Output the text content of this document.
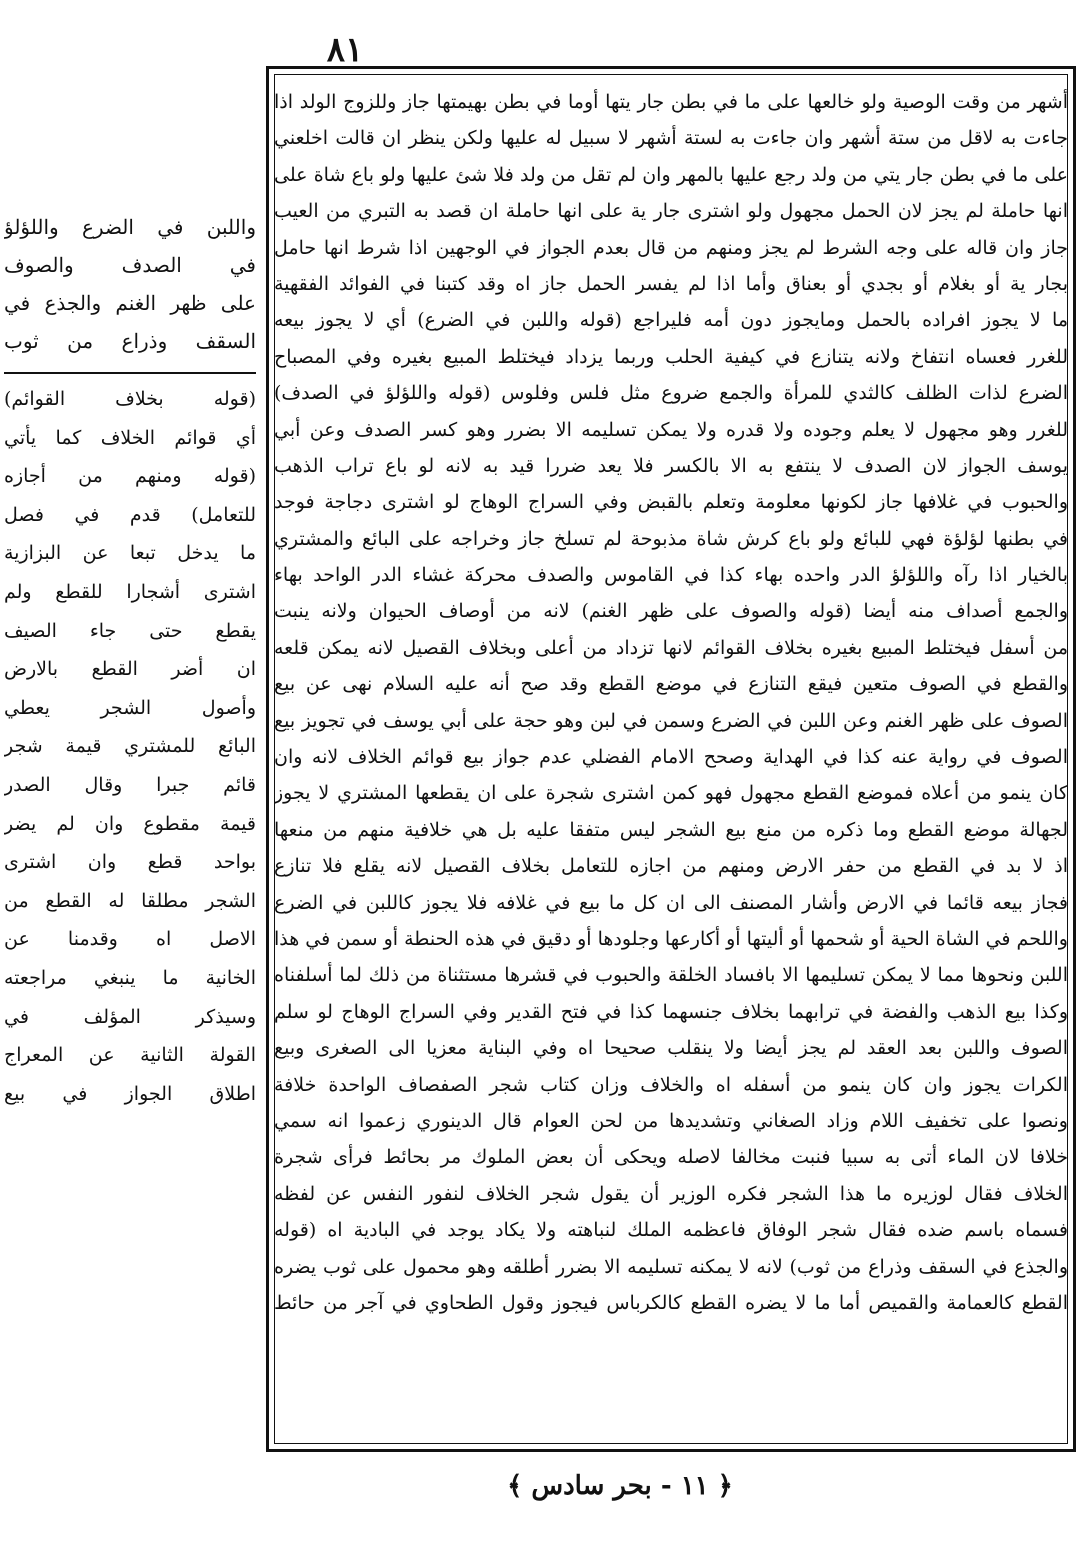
٨١
أشهر من وقت الوصية ولو خالعها على ما في بطن جار يتها أوما في بطن بهيمتها جاز وللزوج الولد اذا
جاءت به لاقل من ستة أشهر وان جاءت به لستة أشهر لا سبيل له عليها ولكن ينظر ان قالت اخلعني
على ما في بطن جار يتي من ولد رجع عليها بالمهر وان لم تقل من ولد فلا شئ عليها ولو باع شاة على
انها حاملة لم يجز لان الحمل مجهول ولو اشترى جار ية على انها حاملة ان قصد به التبري من العيب
جاز وان قاله على وجه الشرط لم يجز ومنهم من قال بعدم الجواز في الوجهين اذا شرط انها حامل
بجار ية أو بغلام أو بجدي أو بعناق وأما اذا لم يفسر الحمل جاز اه وقد كتبنا في الفوائد الفقهية
ما لا يجوز افراده بالحمل ومايجوز دون أمه فليراجع (قوله واللبن في الضرع) أي لا يجوز بيعه
للغرر فعساه انتفاخ ولانه يتنازع في كيفية الحلب وربما يزداد فيختلط المبيع بغيره وفي المصباح
الضرع لذات الظلف كالثدي للمرأة والجمع ضروع مثل فلس وفلوس (قوله واللؤلؤ في الصدف)
للغرر وهو مجهول لا يعلم وجوده ولا قدره ولا يمكن تسليمه الا بضرر وهو كسر الصدف وعن أبي
يوسف الجواز لان الصدف لا ينتفع به الا بالكسر فلا يعد ضررا قيد به لانه لو باع تراب الذهب
والحبوب في غلافها جاز لكونها معلومة وتعلم بالقبض وفي السراج الوهاج لو اشترى دجاجة فوجد
في بطنها لؤلؤة فهي للبائع ولو باع كرش شاة مذبوحة لم تسلخ جاز وخراجه على البائع والمشتري
بالخيار اذا رآه واللؤلؤ الدر واحده بهاء كذا في القاموس والصدف محركة غشاء الدر الواحد بهاء
والجمع أصداف منه أيضا (قوله والصوف على ظهر الغنم) لانه من أوصاف الحيوان ولانه ينبت
من أسفل فيختلط المبيع بغيره بخلاف القوائم لانها تزداد من أعلى وبخلاف القصيل لانه يمكن قلعه
والقطع في الصوف متعين فيقع التنازع في موضع القطع وقد صح أنه عليه السلام نهى عن بيع
الصوف على ظهر الغنم وعن اللبن في الضرع وسمن في لبن وهو حجة على أبي يوسف في تجويز بيع
الصوف في رواية عنه كذا في الهداية وصحح الامام الفضلي عدم جواز بيع قوائم الخلاف لانه وان
كان ينمو من أعلاه فموضع القطع مجهول فهو كمن اشترى شجرة على ان يقطعها المشتري لا يجوز
لجهالة موضع القطع وما ذكره من منع بيع الشجر ليس متفقا عليه بل هي خلافية منهم من منعها
اذ لا بد في القطع من حفر الارض ومنهم من اجازه للتعامل بخلاف القصيل لانه يقلع فلا تنازع
فجاز بيعه قائما في الارض وأشار المصنف الى ان كل ما بيع في غلافه فلا يجوز كاللبن في الضرع
واللحم في الشاة الحية أو شحمها أو أليتها أو أكارعها وجلودها أو دقيق في هذه الحنطة أو سمن في هذا
اللبن ونحوها مما لا يمكن تسليمها الا بافساد الخلقة والحبوب في قشرها مستثناة من ذلك لما أسلفناه
وكذا بيع الذهب والفضة في ترابهما بخلاف جنسهما كذا في فتح القدير وفي السراج الوهاج لو سلم
الصوف واللبن بعد العقد لم يجز أيضا ولا ينقلب صحيحا اه وفي البناية معزيا الى الصغرى وبيع
الكرات يجوز وان كان ينمو من أسفله اه والخلاف وزان كتاب شجر الصفصاف الواحدة خلافة
ونصوا على تخفيف اللام وزاد الصغاني وتشديدها من لحن العوام قال الدينوري زعموا انه سمي
خلافا لان الماء أتى به سبيا فنبت مخالفا لاصله ويحكى أن بعض الملوك مر بحائط فرأى شجرة
الخلاف فقال لوزيره ما هذا الشجر فكره الوزير أن يقول شجر الخلاف لنفور النفس عن لفظه
فسماه باسم ضده فقال شجر الوفاق فاعظمه الملك لنباهته ولا يكاد يوجد في البادية اه (قوله
والجذع في السقف وذراع من ثوب) لانه لا يمكنه تسليمه الا بضرر أطلقه وهو محمول على ثوب يضره
القطع كالعمامة والقميص أما ما لا يضره القطع كالكرباس فيجوز وقول الطحاوي في آجر من حائط
واللبن في الضرع واللؤلؤ
في الصدف والصوف
على ظهر الغنم والجذع في
السقف وذراع من ثوب
(قوله بخلاف القوائم)
أي قوائم الخلاف كما يأتي
(قوله ومنهم من أجازه
للتعامل) قدم في فصل
ما يدخل تبعا عن البزازية
اشترى أشجارا للقطع ولم
يقطع حتى جاء الصيف
ان أضر القطع بالارض
وأصول الشجر يعطي
البائع للمشتري قيمة شجر
قائم جبرا وقال الصدر
قيمة مقطوع وان لم يضر
بواحد قطع وان اشترى
الشجر مطلقا له القطع من
الاصل اه وقدمنا عن
الخانية ما ينبغي مراجعته
وسيذكر المؤلف في
القولة الثانية عن المعراج
اطلاق الجواز في بيع
﴿ ١١ - بحر سادس ﴾
